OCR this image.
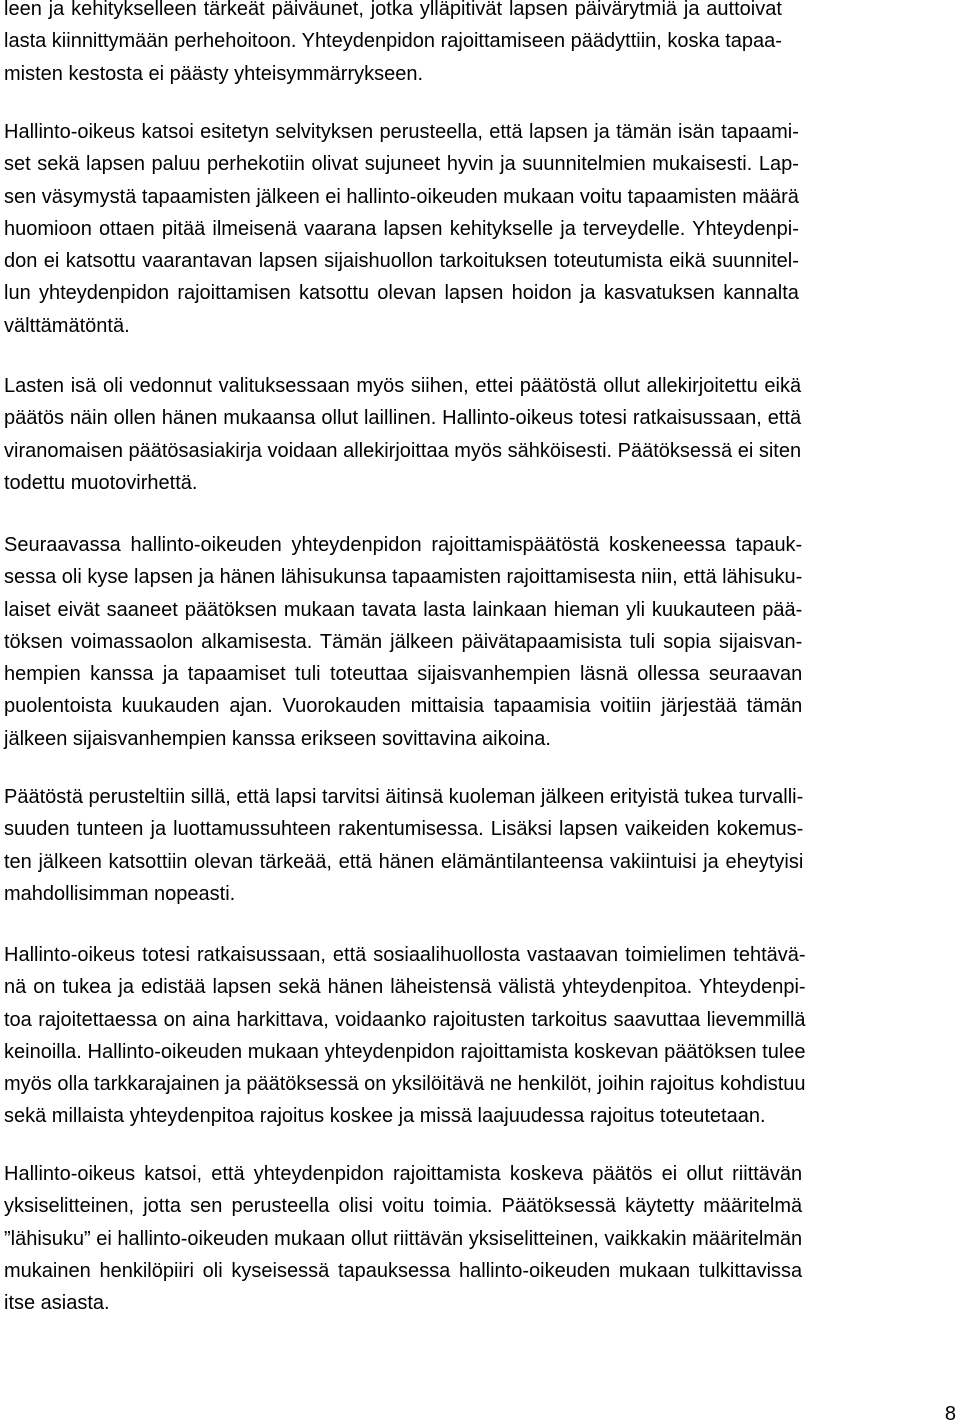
leen ja kehitykselleen tärkeät päiväunet, jotka ylläpitivät lapsen päivärytmiä ja auttoivat
lasta kiinnittymään perhehoitoon. Yhteydenpidon rajoittamiseen päädyttiin, koska tapaa-
misten kestosta ei päästy yhteisymmärrykseen.
Hallinto-oikeus katsoi esitetyn selvityksen perusteella, että lapsen ja tämän isän tapaami-
set sekä lapsen paluu perhekotiin olivat sujuneet hyvin ja suunnitelmien mukaisesti. Lap-
sen väsymystä tapaamisten jälkeen ei hallinto-oikeuden mukaan voitu tapaamisten määrä
huomioon ottaen pitää ilmeisenä vaarana lapsen kehitykselle ja terveydelle. Yhteydenpi-
don ei katsottu vaarantavan lapsen sijaishuollon tarkoituksen toteutumista eikä suunnitel-
lun yhteydenpidon rajoittamisen katsottu olevan lapsen hoidon ja kasvatuksen kannalta
välttämätöntä.
Lasten isä oli vedonnut valituksessaan myös siihen, ettei päätöstä ollut allekirjoitettu eikä
päätös näin ollen hänen mukaansa ollut laillinen. Hallinto-oikeus totesi ratkaisussaan, että
viranomaisen päätösasiakirja voidaan allekirjoittaa myös sähköisesti. Päätöksessä ei siten
todettu muotovirhettä.
Seuraavassa hallinto-oikeuden yhteydenpidon rajoittamispäätöstä koskeneessa tapauk-
sessa oli kyse lapsen ja hänen lähisukunsa tapaamisten rajoittamisesta niin, että lähisuku-
laiset eivät saaneet päätöksen mukaan tavata lasta lainkaan hieman yli kuukauteen pää-
töksen voimassaolon alkamisesta. Tämän jälkeen päivätapaamisista tuli sopia sijaisvan-
hempien kanssa ja tapaamiset tuli toteuttaa sijaisvanhempien läsnä ollessa seuraavan
puolentoista kuukauden ajan. Vuorokauden mittaisia tapaamisia voitiin järjestää tämän
jälkeen sijaisvanhempien kanssa erikseen sovittavina aikoina.
Päätöstä perusteltiin sillä, että lapsi tarvitsi äitinsä kuoleman jälkeen erityistä tukea turvalli-
suuden tunteen ja luottamussuhteen rakentumisessa. Lisäksi lapsen vaikeiden kokemus-
ten jälkeen katsottiin olevan tärkeää, että hänen elämäntilanteensa vakiintuisi ja eheytyisi
mahdollisimman nopeasti.
Hallinto-oikeus totesi ratkaisussaan, että sosiaalihuollosta vastaavan toimielimen tehtävä-
nä on tukea ja edistää lapsen sekä hänen läheistensä välistä yhteydenpitoa. Yhteydenpi-
toa rajoitettaessa on aina harkittava, voidaanko rajoitusten tarkoitus saavuttaa lievemmillä
keinoilla. Hallinto-oikeuden mukaan yhteydenpidon rajoittamista koskevan päätöksen tulee
myös olla tarkkarajainen ja päätöksessä on yksilöitävä ne henkilöt, joihin rajoitus kohdistuu
sekä millaista yhteydenpitoa rajoitus koskee ja missä laajuudessa rajoitus toteutetaan.
Hallinto-oikeus katsoi, että yhteydenpidon rajoittamista koskeva päätös ei ollut riittävän
yksiselitteinen, jotta sen perusteella olisi voitu toimia. Päätöksessä käytetty määritelmä
”lähisuku” ei hallinto-oikeuden mukaan ollut riittävän yksiselitteinen, vaikkakin määritelmän
mukainen henkilöpiiri oli kyseisessä tapauksessa hallinto-oikeuden mukaan tulkittavissa
itse asiasta.
8
